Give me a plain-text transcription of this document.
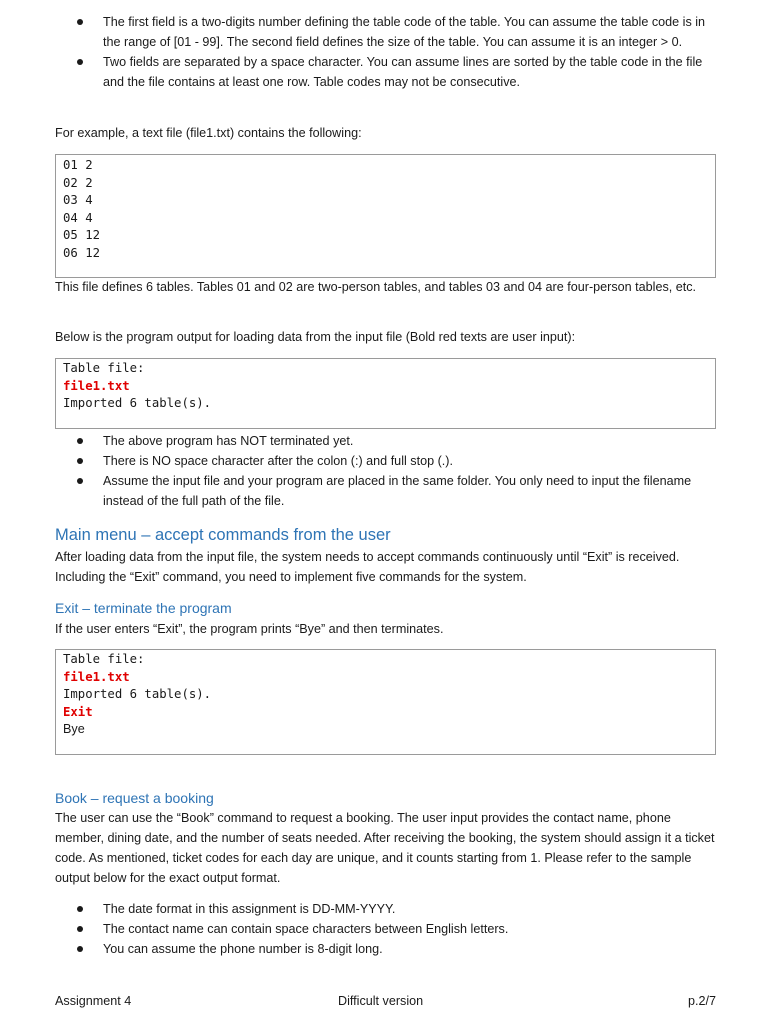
The first field is a two-digits number defining the table code of the table. You can assume the table code is in the range of [01 - 99]. The second field defines the size of the table. You can assume it is an integer > 0.
Two fields are separated by a space character. You can assume lines are sorted by the table code in the file and the file contains at least one row. Table codes may not be consecutive.

For example, a text file (file1.txt) contains the following:

01 2
02 2
03 4
04 4
05 12
06 12

This file defines 6 tables. Tables 01 and 02 are two-person tables, and tables 03 and 04 are four-person tables, etc.

Below is the program output for loading data from the input file (Bold red texts are user input):

Table file:
file1.txt
Imported 6 table(s).
The above program has NOT terminated yet.
There is NO space character after the colon (:) and full stop (.).
Assume the input file and your program are placed in the same folder. You only need to input the filename instead of the full path of the file.
Main menu – accept commands from the user

After loading data from the input file, the system needs to accept commands continuously until “Exit” is received. Including the “Exit” command, you need to implement five commands for the system.

Exit – terminate the program

If the user enters “Exit”, the program prints “Bye” and then terminates.

Table file:
file1.txt
Imported 6 table(s).
Exit
Bye
Book – request a booking

The user can use the “Book” command to request a booking. The user input provides the contact name, phone member, dining date, and the number of seats needed. After receiving the booking, the system should assign it a ticket code. As mentioned, ticket codes for each day are unique, and it counts starting from 1. Please refer to the sample output below for the exact output format.

The date format in this assignment is DD-MM-YYYY.
The contact name can contain space characters between English letters.
You can assume the phone number is 8-digit long.
Assignment 4	Difficult version	p.2/7
